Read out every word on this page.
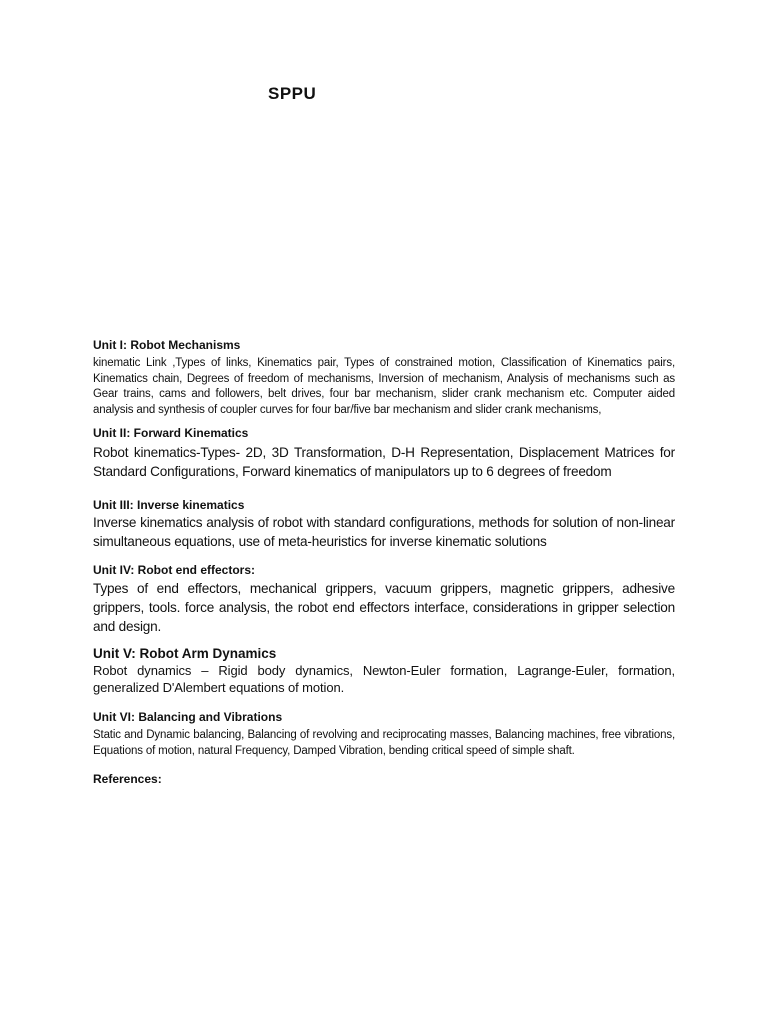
SPPU

Unit I: Robot Mechanisms

kinematic Link ,Types of links, Kinematics pair, Types of constrained motion, Classification of Kinematics pairs, Kinematics chain, Degrees of freedom of mechanisms, Inversion of mechanism, Analysis of mechanisms such as Gear trains, cams and followers, belt drives, four bar mechanism, slider crank mechanism etc. Computer aided analysis and synthesis of coupler curves for four bar/five bar mechanism and slider crank mechanisms,

Unit II: Forward Kinematics

Robot kinematics-Types- 2D, 3D Transformation, D-H Representation, Displacement Matrices for Standard Configurations, Forward kinematics of manipulators up to 6 degrees of freedom

Unit III: Inverse kinematics

Inverse kinematics analysis of robot with standard configurations, methods for solution of non-linear simultaneous equations, use of meta-heuristics for inverse kinematic solutions

Unit IV: Robot end effectors:

Types of end effectors, mechanical grippers, vacuum grippers, magnetic grippers, adhesive grippers, tools. force analysis, the robot end effectors interface, considerations in gripper selection and design.

Unit V: Robot Arm Dynamics

Robot dynamics – Rigid body dynamics, Newton-Euler formation, Lagrange-Euler, formation, generalized D'Alembert equations of motion.

Unit VI: Balancing and Vibrations

Static and Dynamic balancing, Balancing of revolving and reciprocating masses, Balancing machines, free vibrations, Equations of motion, natural Frequency, Damped Vibration, bending critical speed of simple shaft.

References:
